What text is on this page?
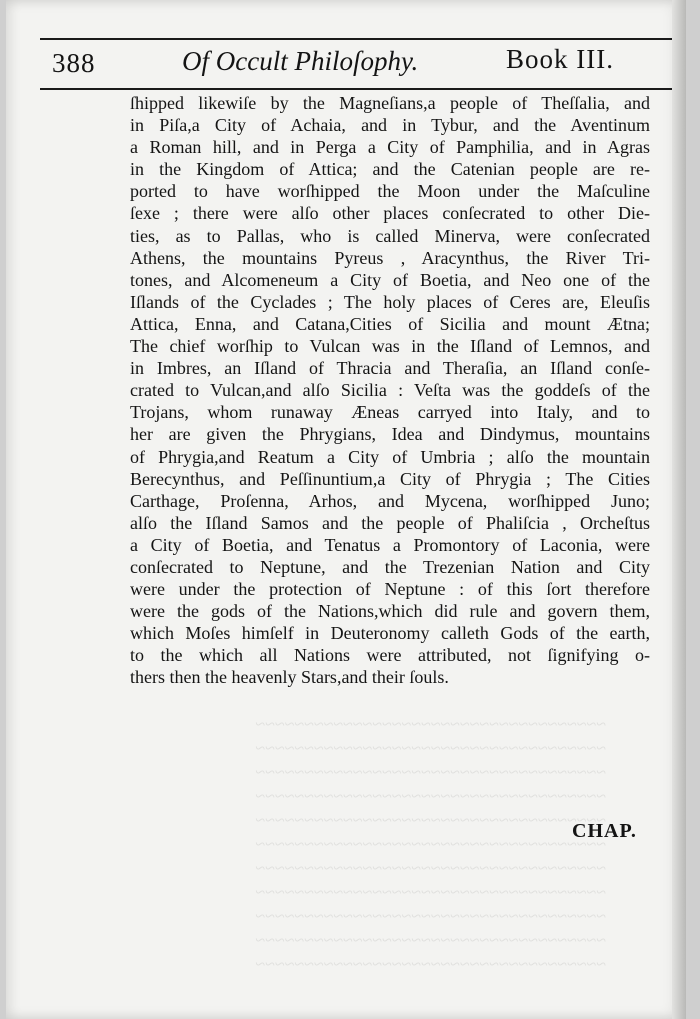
388	Of Occult Philoſophy.	Book III.
ſhipped likewiſe by the Magneſians,a people of Theſſalia, and
in Piſa,a City of Achaia, and in Tybur, and the Aventinum
a Roman hill, and in Perga a City of Pamphilia, and in Agras
in the Kingdom of Attica; and the Catenian people are re-
ported to have worſhipped the Moon under the Maſculine
ſexe ; there were alſo other places conſecrated to other Die-
ties, as to Pallas, who is called Minerva, were conſecrated
Athens, the mountains Pyreus , Aracynthus, the River Tri-
tones, and Alcomeneum a City of Boetia, and Neo one of the
Iſlands of the Cyclades ; The holy places of Ceres are, Eleuſis
Attica, Enna, and Catana,Cities of Sicilia and mount Ætna;
The chief worſhip to Vulcan was in the Iſland of Lemnos, and
in Imbres, an Iſland of Thracia and Theraſia, an Iſland conſe-
crated to Vulcan,and alſo Sicilia : Veſta was the goddeſs of the
Trojans, whom runaway Æneas carryed into Italy, and to
her are given the Phrygians, Idea and Dindymus, mountains
of Phrygia,and Reatum a City of Umbria ; alſo the mountain
Berecynthus, and Peſſinuntium,a City of Phrygia ; The Cities
Carthage, Proſenna, Arhos, and Mycena, worſhipped Juno;
alſo the Iſland Samos and the people of Phaliſcia , Orcheſtus
a City of Boetia, and Tenatus a Promontory of Laconia, were
conſecrated to Neptune, and the Trezenian Nation and City
were under the protection of Neptune : of this ſort therefore
were the gods of the Nations,which did rule and govern them,
which Moſes himſelf in Deuteronomy calleth Gods of the earth,
to the which all Nations were attributed, not ſignifying o-
thers then the heavenly Stars,and their ſouls.
~~~~~~~~~~~~~~~~~~~~~~~~~~~~~~~~~~~~
~~~~~~~~~~~~~~~~~~~~~~~~~~~~~~~~~~~~
~~~~~~~~~~~~~~~~~~~~~~~~~~~~~~~~~~~~
~~~~~~~~~~~~~~~~~~~~~~~~~~~~~~~~~~~~
~~~~~~~~~~~~~~~~~~~~~~~~~~~~~~~~~~~~
~~~~~~~~~~~~~~~~~~~~~~~~~~~~~~~~~~~~
~~~~~~~~~~~~~~~~~~~~~~~~~~~~~~~~~~~~
~~~~~~~~~~~~~~~~~~~~~~~~~~~~~~~~~~~~
~~~~~~~~~~~~~~~~~~~~~~~~~~~~~~~~~~~~
~~~~~~~~~~~~~~~~~~~~~~~~~~~~~~~~~~~~
~~~~~~~~~~~~~~~~~~~~~~~~~~~~~~~~~~~~
CHAP.
